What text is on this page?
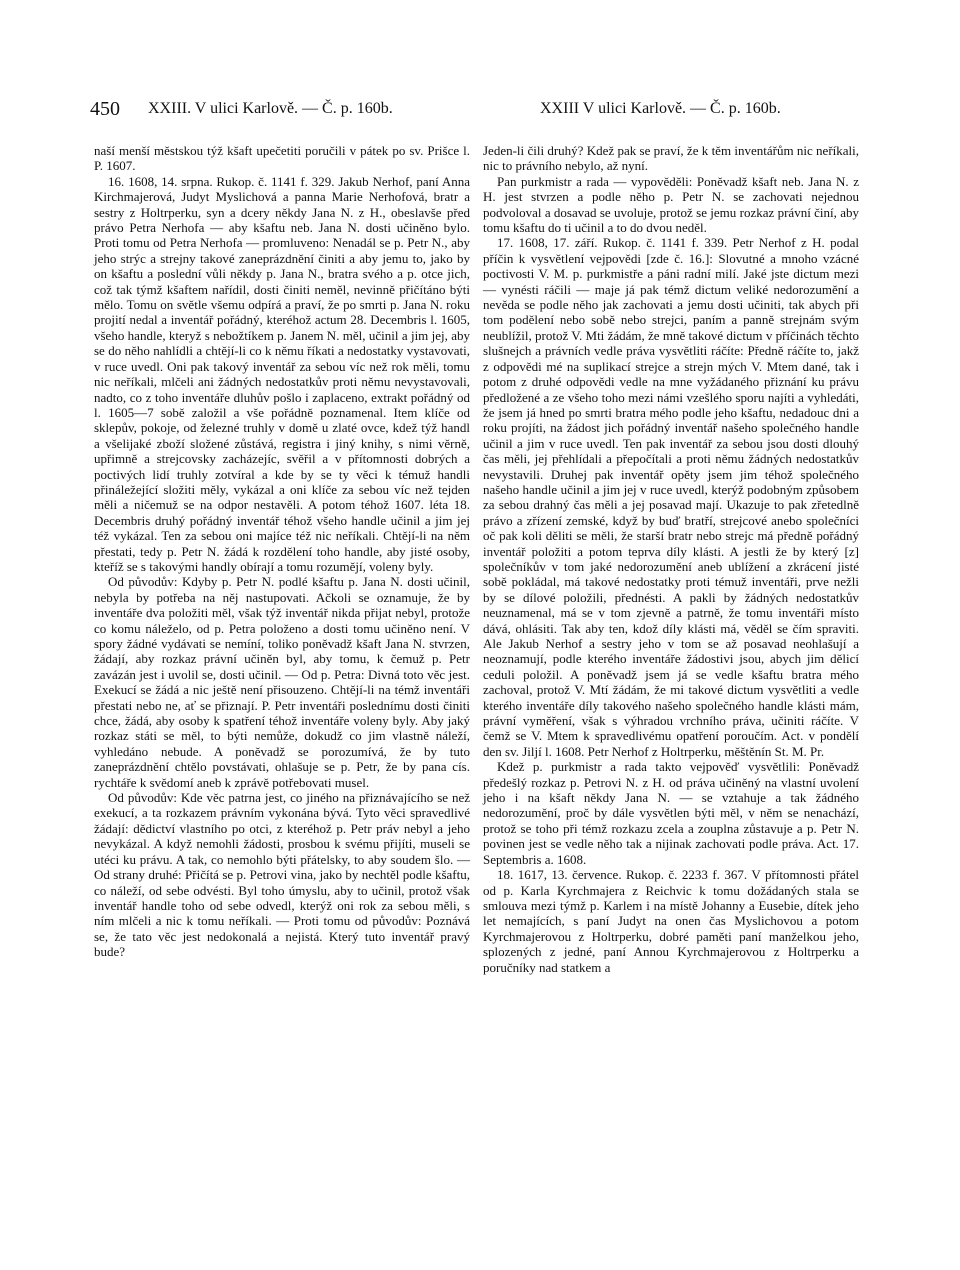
450 XXIII. V ulici Karlově. — Č. p. 160b.	XXIII V ulici Karlově. — Č. p. 160b.

naší menší městskou týž kšaft upečetiti poručili v pátek po sv. Prišce l. P. 1607.

16. 1608, 14. srpna. Rukop. č. 1141 f. 329. Jakub Nerhof, paní Anna Kirchmajerová, Judyt Myslichová a panna Marie Nerhofová, bratr a sestry z Holtrperku, syn a dcery někdy Jana N. z H., obeslavše před právo Petra Nerhofa — aby kšaftu neb. Jana N. dosti učiněno bylo. Proti tomu od Petra Nerhofa — promluveno: Nenadál se p. Petr N., aby jeho strýc a strejny takové zaneprázdnění činiti a aby jemu to, jako by on kšaftu a poslední vůli někdy p. Jana N., bratra svého a p. otce jich, což tak týmž kšaftem nařídil, dosti činiti neměl, nevinně přičítáno býti mělo. Tomu on světle všemu odpírá a praví, že po smrti p. Jana N. roku projití nedal a inventář pořádný, kteréhož actum 28. Decembris l. 1605, všeho handle, kteryž s nebožtíkem p. Janem N. měl, učinil a jim jej, aby se do něho nahlídli a chtějí-li co k němu říkati a nedostatky vystavovati, v ruce uvedl. Oni pak takový inventář za sebou víc než rok měli, tomu nic neříkali, mlčeli ani žádných nedostatkův proti němu nevystavovali, nadto, co z toho inventáře dluhův pošlo i zaplaceno, extrakt pořádný od l. 1605—7 sobě založil a vše pořádně poznamenal. Item klíče od sklepův, pokoje, od železné truhly v domě u zlaté ovce, kdež týž handl a všelijaké zboží složené zůstává, registra i jiný knihy, s nimi věrně, upřimně a strejcovsky zacházejíc, svěřil a v přítomnosti dobrých a poctivých lidí truhly zotvíral a kde by se ty věci k témuž handli přináležející složiti měly, vykázal a oni klíče za sebou víc než tejden měli a ničemuž se na odpor nestavěli. A potom téhož 1607. léta 18. Decembris druhý pořádný inventář téhož všeho handle učinil a jim jej též vykázal. Ten za sebou oni majíce též nic neříkali. Chtějí-li na něm přestati, tedy p. Petr N. žádá k rozdělení toho handle, aby jisté osoby, kteříž se s takovými handly obírají a tomu rozumějí, voleny byly.

Od původův: Kdyby p. Petr N. podlé kšaftu p. Jana N. dosti učinil, nebyla by potřeba na něj nastupovati. Ačkoli se oznamuje, že by inventáře dva položiti měl, však týž inventář nikda přijat nebyl, protože co komu náleželo, od p. Petra položeno a dosti tomu učiněno není. V spory žádné vydávati se nemíní, toliko poněvadž kšaft Jana N. stvrzen, žádají, aby rozkaz právní učiněn byl, aby tomu, k čemuž p. Petr zavázán jest i uvolil se, dosti učinil. — Od p. Petra: Divná toto věc jest. Exekucí se žádá a nic ještě není přisouzeno. Chtějí-li na témž inventáři přestati nebo ne, ať se přiznají. P. Petr inventáři poslednímu dosti činiti chce, žádá, aby osoby k spatření téhož inventáře voleny byly. Aby jaký rozkaz státi se měl, to býti nemůže, dokudž co jim vlastně náleží, vyhledáno nebude. A poněvadž se porozumívá, že by tuto zaneprázdnění chtělo povstávati, ohlašuje se p. Petr, že by pana cís. rychtáře k svědomí aneb k zprávě potřebovati musel.

Od původův: Kde věc patrna jest, co jiného na přiznávajícího se než exekucí, a ta rozkazem právním vykonána bývá. Tyto věci spravedlivé žádají: dědictví vlastního po otci, z kteréhož p. Petr práv nebyl a jeho nevykázal. A když nemohli žádosti, prosbou k svému přijíti, museli se utéci ku právu. A tak, co nemohlo býti přátelsky, to aby soudem šlo. — Od strany druhé: Přičítá se p. Petrovi vina, jako by nechtěl podle kšaftu, co náleží, od sebe odvésti. Byl toho úmyslu, aby to učinil, protož však inventář handle toho od sebe odvedl, kterýž oni rok za sebou měli, s ním mlčeli a nic k tomu neříkali. — Proti tomu od původův: Poznává se, že tato věc jest nedokonalá a nejistá. Který tuto inventář pravý bude?

Jeden-li čili druhý? Kdež pak se praví, že k těm inventářům nic neříkali, nic to právního nebylo, až nyní.

Pan purkmistr a rada — vypověděli: Poněvadž kšaft neb. Jana N. z H. jest stvrzen a podle něho p. Petr N. se zachovati nejednou podvoloval a dosavad se uvoluje, protož se jemu rozkaz právní činí, aby tomu kšaftu do ti učinil a to do dvou neděl.

17. 1608, 17. září. Rukop. č. 1141 f. 339. Petr Nerhof z H. podal příčin k vysvětlení vejpovědi [zde č. 16.]: Slovutné a mnoho vzácné poctivosti V. M. p. purkmistře a páni radní milí. Jaké jste dictum mezi — vynésti ráčili — maje já pak témž dictum veliké nedorozumění a nevěda se podle něho jak zachovati a jemu dosti učiniti, tak abych při tom podělení nebo sobě nebo strejci, paním a panně strejnám svým neublížil, protož V. Mti žádám, že mně takové dictum v příčinách těchto slušnejch a právních vedle práva vysvětliti ráčíte: Předně ráčíte to, jakž z odpovědi mé na suplikací strejce a strejn mých V. Mtem dané, tak i potom z druhé odpovědi vedle na mne vyžádaného přiznání ku právu předložené a ze všeho toho mezi námi vzešlého sporu najíti a vyhledáti, že jsem já hned po smrti bratra mého podle jeho kšaftu, nedadouc dni a roku projíti, na žádost jich pořádný inventář našeho společného handle učinil a jim v ruce uvedl. Ten pak inventář za sebou jsou dosti dlouhý čas měli, jej přehlídali a přepočítali a proti němu žádných nedostatkův nevystavili. Druhej pak inventář opěty jsem jim téhož společného našeho handle učinil a jim jej v ruce uvedl, kterýž podobným způsobem za sebou drahný čas měli a jej posavad mají. Ukazuje to pak zřetedlně právo a zřízení zemské, když by buď bratří, strejcové anebo společníci oč pak koli děliti se měli, že starší bratr nebo strejc má předně pořádný inventář položiti a potom teprva díly klásti. A jestli že by který [z] společníkův v tom jaké nedorozumění aneb ublížení a zkrácení jisté sobě pokládal, má takové nedostatky proti témuž inventáři, prve nežli by se dílové položili, přednésti. A pakli by žádných nedostatkův neuznamenal, má se v tom zjevně a patrně, že tomu inventáři místo dává, ohlásiti. Tak aby ten, kdož díly klásti má, věděl se čím spraviti. Ale Jakub Nerhof a sestry jeho v tom se až posavad neohlašují a neoznamují, podle kterého inventáře žádostivi jsou, abych jim dělicí ceduli položil. A poněvadž jsem já se vedle kšaftu bratra mého zachoval, protož V. Mtí žádám, že mi takové dictum vysvětliti a vedle kterého inventáře díly takového našeho společného handle klásti mám, právní vyměření, však s výhradou vrchního práva, učiniti ráčíte. V čemž se V. Mtem k spravedlivému opatření poroučím. Act. v pondělí den sv. Jiljí l. 1608. Petr Nerhof z Holtrperku, měštěnín St. M. Pr.

Kdež p. purkmistr a rada takto vejpověď vysvětlili: Poněvadž předešlý rozkaz p. Petrovi N. z H. od práva učiněný na vlastní uvolení jeho i na kšaft někdy Jana N. — se vztahuje a tak žádného nedorozumění, proč by dále vysvětlen býti měl, v něm se nenachází, protož se toho při témž rozkazu zcela a zouplna zůstavuje a p. Petr N. povinen jest se vedle něho tak a nijinak zachovati podle práva. Act. 17. Septembris a. 1608.

18. 1617, 13. července. Rukop. č. 2233 f. 367. V přítomnosti přátel od p. Karla Kyrchmajera z Reichvic k tomu dožádaných stala se smlouva mezi týmž p. Karlem i na místě Johanny a Eusebie, dítek jeho let nemajících, s paní Judyt na onen čas Myslichovou a potom Kyrchmajerovou z Holtrperku, dobré paměti paní manželkou jeho, splozených z jedné, paní Annou Kyrchmajerovou z Holtrperku a poručníky nad statkem a
